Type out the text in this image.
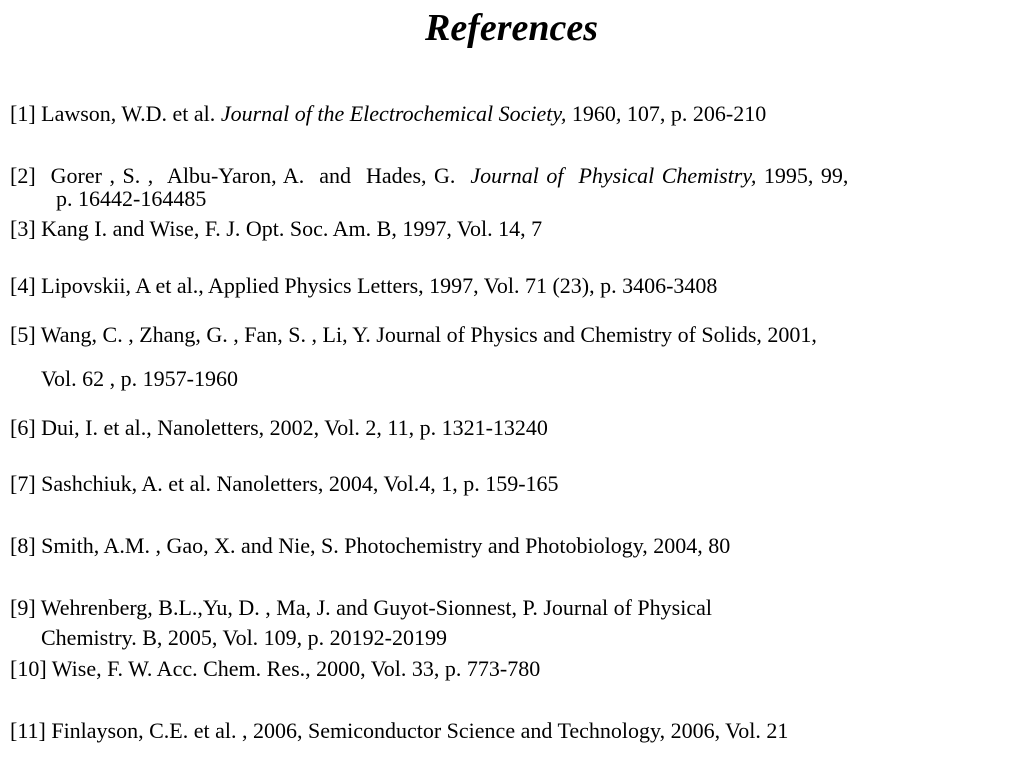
References
[1] Lawson, W.D. et al. Journal of the Electrochemical Society, 1960, 107, p. 206-210
[2] Gorer , S. ,  Albu-Yaron, A.  and  Hades, G. Journal of  Physical Chemistry, 1995, 99,
p. 16442-164485
[3] Kang I. and Wise, F. J. Opt. Soc. Am. B, 1997, Vol. 14, 7
[4] Lipovskii, A et al., Applied Physics Letters, 1997, Vol. 71 (23), p. 3406-3408
[5] Wang, C. , Zhang, G. , Fan, S. , Li, Y. Journal of Physics and Chemistry of Solids, 2001,
Vol. 62 , p. 1957-1960
[6] Dui, I. et al., Nanoletters, 2002, Vol. 2, 11, p. 1321-13240
[7] Sashchiuk, A. et al. Nanoletters, 2004, Vol.4, 1, p. 159-165
[8] Smith, A.M. , Gao, X. and Nie, S. Photochemistry and Photobiology, 2004, 80
[9] Wehrenberg, B.L.,Yu, D. , Ma, J. and Guyot-Sionnest, P. Journal of Physical
Chemistry. B, 2005, Vol. 109, p. 20192-20199
[10] Wise, F. W. Acc. Chem. Res., 2000, Vol. 33, p. 773-780
[11] Finlayson, C.E. et al. , 2006, Semiconductor Science and Technology, 2006, Vol. 21
